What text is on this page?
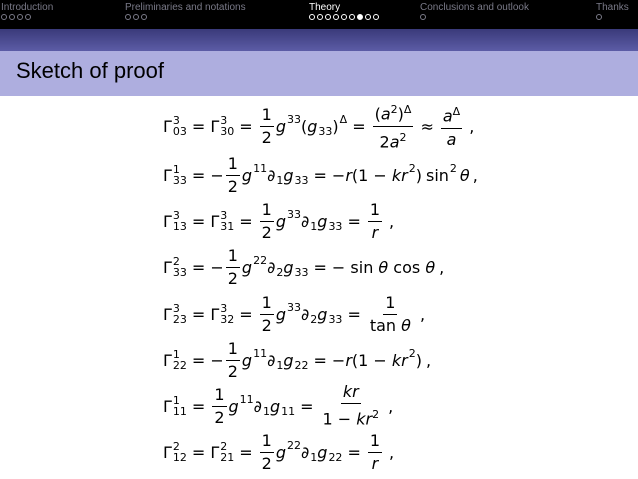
Introduction	Preliminaries and notations	Theory	Conclusions and outlook	Thanks
Sketch of proof
Γ 3
03 = Γ 3
$30 = \frac{1}{2}$ g 33 ( g 33 ) $\Delta = \frac{(a^2)^\Delta}{2a^2} \approx \frac{a^\Delta}{a}$ ,
Γ 1
33 = − $\frac{1}{2}$ g 11 ∂ 1 g 33 = −r(1 − kr 2 ) sin 2 θ ,
Γ 3
13 = Γ 3
$31 = \frac{1}{2}$ g 33 ∂ 1 g $33 = \frac{1}{r}$ ,
Γ 2
33 = − $\frac{1}{2}$ g 22 ∂ 2 g 33 = − sin θ cos θ ,
Γ 3
23 = Γ 3
$32 = \frac{1}{2}$ g 33 ∂ 2 g $33 = \frac{1}{\text{tan θ}}$ ,
Γ 1
22 = − $\frac{1}{2}$ g 11 ∂ 1 g 22 = −r(1 − kr 2 ) ,
Γ 1
$11 = \frac{1}{2}$ g 11 ∂ 1 g $11 = \frac{kr}{1 - kr^2}$ ,
Γ 2
12 = Γ 2
$21 = \frac{1}{2}$ g 22 ∂ 1 g $22 = \frac{1}{r}$ ,
